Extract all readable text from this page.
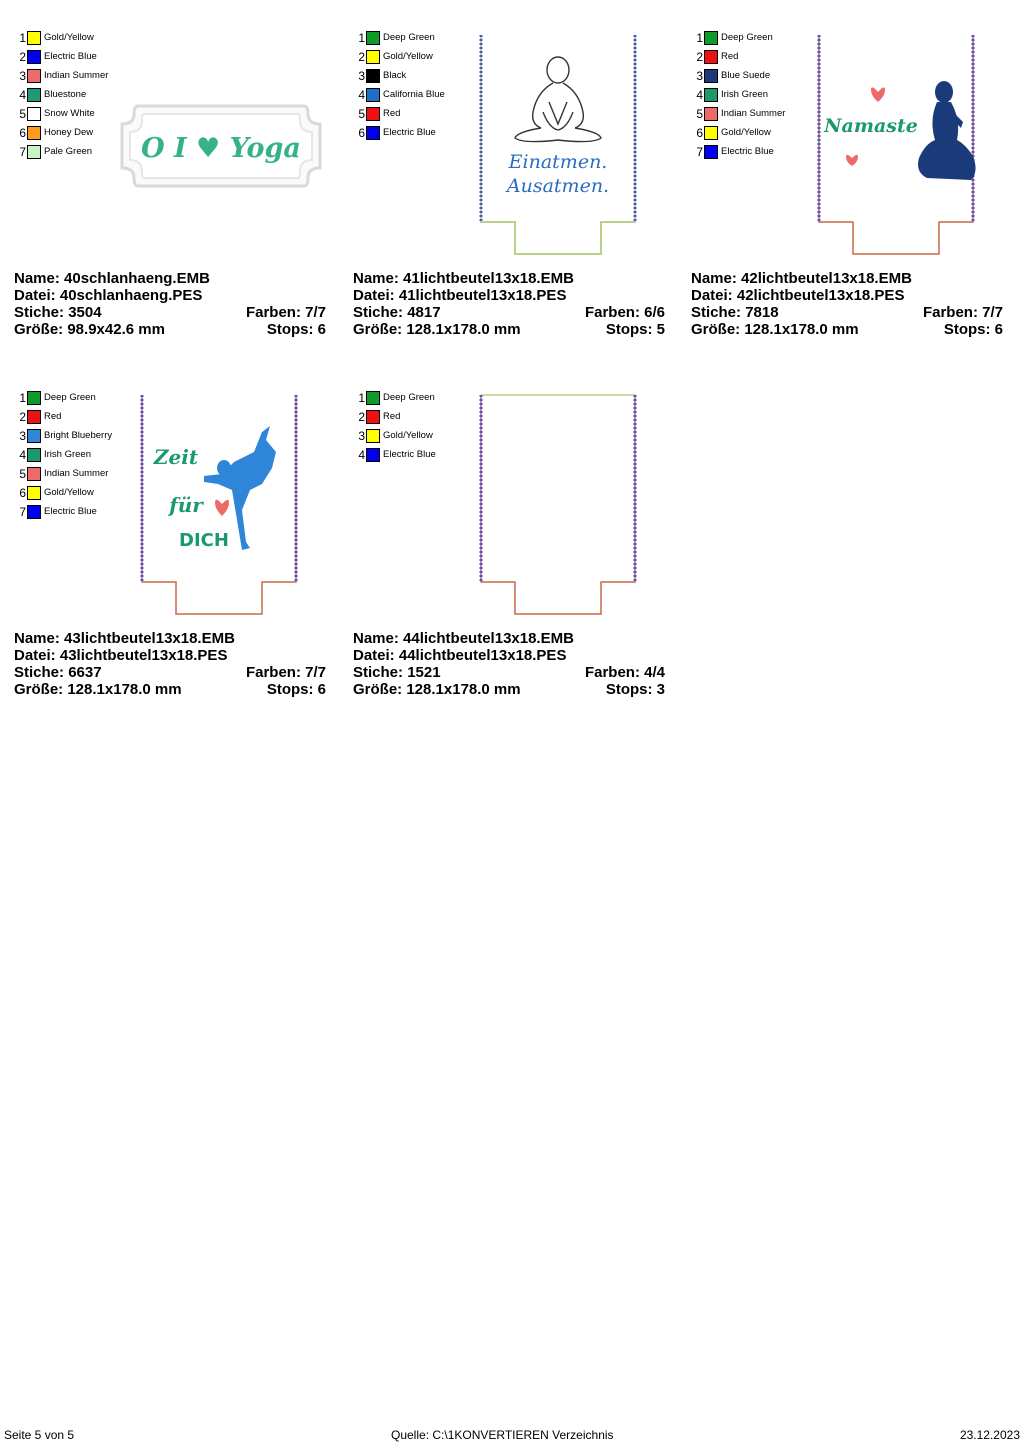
1 Gold/Yellow
2 Electric Blue
3 Indian Summer
4 Bluestone
5 Snow White
6 Honey Dew
7 Pale Green O I ♥ Yoga
Name: 40schlanhaeng.EMB
Datei: 40schlanhaeng.PES
Stiche: 3504	Farben: 7/7
Größe: 98.9x42.6 mm	Stops: 6
1 Deep Green
2 Gold/Yellow
3 Black
4 California Blue
5 Red
6 Electric Blue
Einatmen.
Ausatmen.
Name: 41lichtbeutel13x18.EMB
Datei: 41lichtbeutel13x18.PES
Stiche: 4817	Farben: 6/6
Größe: 128.1x178.0 mm	Stops: 5
1 Deep Green
2 Red
3 Blue Suede
4 Irish Green
5 Indian Summer
6 Gold/Yellow
7 Electric Blue
Namaste
Name: 42lichtbeutel13x18.EMB
Datei: 42lichtbeutel13x18.PES
Stiche: 7818	Farben: 7/7
Größe: 128.1x178.0 mm	Stops: 6
1 Deep Green
2 Red
3 Bright Blueberry
4 Irish Green
5 Indian Summer
6 Gold/Yellow
7 Electric Blue
Zeit
für
DICH
Name: 43lichtbeutel13x18.EMB
Datei: 43lichtbeutel13x18.PES
Stiche: 6637	Farben: 7/7
Größe: 128.1x178.0 mm	Stops: 6
1 Deep Green
2 Red
3 Gold/Yellow
4 Electric Blue
Name: 44lichtbeutel13x18.EMB
Datei: 44lichtbeutel13x18.PES
Stiche: 1521	Farben: 4/4
Größe: 128.1x178.0 mm	Stops: 3
Seite 5 von 5	Quelle: C:\1KONVERTIEREN Verzeichnis	23.12.2023
